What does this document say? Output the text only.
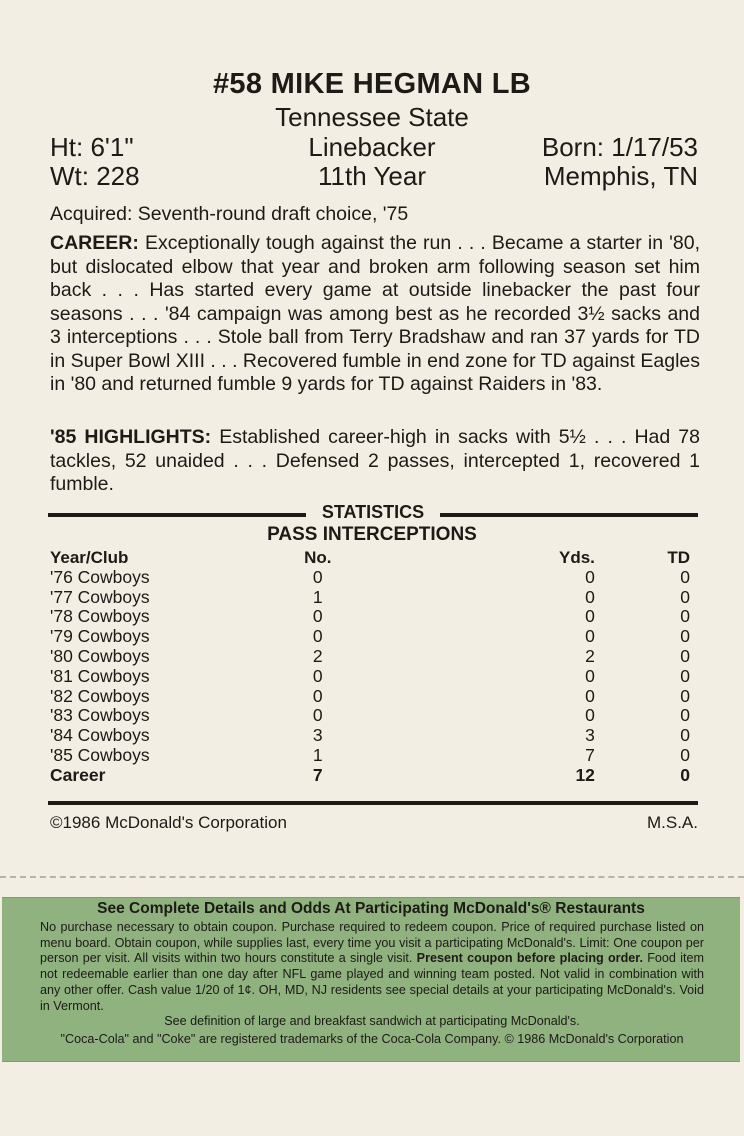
#58 MIKE HEGMAN LB
Tennessee State
Ht: 6'1"
Wt: 228
Linebacker
11th Year
Born: 1/17/53
Memphis, TN
Acquired: Seventh-round draft choice, '75
CAREER: Exceptionally tough against the run . . . Became a starter in '80, but dislocated elbow that year and broken arm following season set him back . . . Has started every game at outside linebacker the past four seasons . . . '84 campaign was among best as he recorded 3½ sacks and 3 interceptions . . . Stole ball from Terry Bradshaw and ran 37 yards for TD in Super Bowl XIII . . . Recovered fumble in end zone for TD against Eagles in '80 and returned fumble 9 yards for TD against Raiders in '83.
'85 HIGHLIGHTS: Established career-high in sacks with 5½ . . . Had 78 tackles, 52 unaided . . . Defensed 2 passes, intercepted 1, recovered 1 fumble.
STATISTICS
PASS INTERCEPTIONS
Year/Club	No.	Yds.	TD
'76 Cowboys	0	0	0
'77 Cowboys	1	0	0
'78 Cowboys	0	0	0
'79 Cowboys	0	0	0
'80 Cowboys	2	2	0
'81 Cowboys	0	0	0
'82 Cowboys	0	0	0
'83 Cowboys	0	0	0
'84 Cowboys	3	3	0
'85 Cowboys	1	7	0
Career	7	12	0
©1986 McDonald's Corporation	M.S.A.
See Complete Details and Odds At Participating McDonald's® Restaurants
No purchase necessary to obtain coupon. Purchase required to redeem coupon. Price of required purchase listed on menu board. Obtain coupon, while supplies last, every time you visit a participating McDonald's. Limit: One coupon per person per visit. All visits within two hours constitute a single visit. Present coupon before placing order. Food item not redeemable earlier than one day after NFL game played and winning team posted. Not valid in combination with any other offer. Cash value 1/20 of 1¢. OH, MD, NJ residents see special details at your participating McDonald's. Void in Vermont.
See definition of large and breakfast sandwich at participating McDonald's.
"Coca-Cola" and "Coke" are registered trademarks of the Coca-Cola Company. © 1986 McDonald's Corporation
